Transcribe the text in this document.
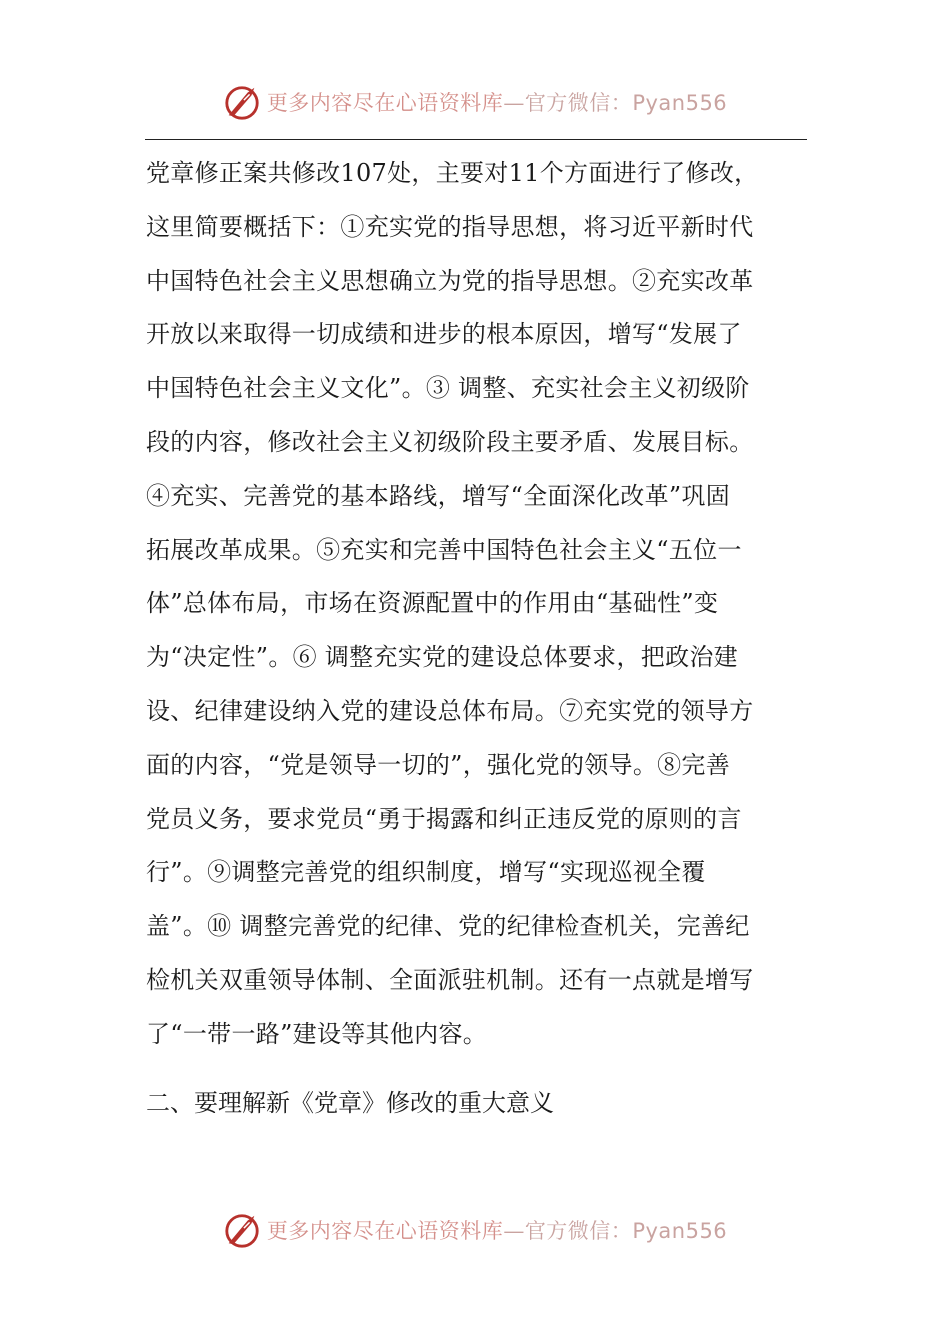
更多内容尽在心语资料库—官方微信：Pyan556
党章修正案共修改107处，主要对11个方面进行了修改，
这里简要概括下：①充实党的指导思想，将习近平新时代
中国特色社会主义思想确立为党的指导思想。②充实改革
开放以来取得一切成绩和进步的根本原因，增写“发展了
中国特色社会主义文化”。③ 调整、充实社会主义初级阶
段的内容，修改社会主义初级阶段主要矛盾、发展目标。
④充实、完善党的基本路线，增写“全面深化改革”巩固
拓展改革成果。⑤充实和完善中国特色社会主义“五位一
体”总体布局，市场在资源配置中的作用由“基础性”变
为“决定性”。⑥ 调整充实党的建设总体要求，把政治建
设、纪律建设纳入党的建设总体布局。⑦充实党的领导方
面的内容，“党是领导一切的”，强化党的领导。⑧完善
党员义务，要求党员“勇于揭露和纠正违反党的原则的言
行”。⑨调整完善党的组织制度，增写“实现巡视全覆
盖”。⑩ 调整完善党的纪律、党的纪律检查机关，完善纪
检机关双重领导体制、全面派驻机制。还有一点就是增写
了“一带一路”建设等其他内容。
二、要理解新《党章》修改的重大意义
更多内容尽在心语资料库—官方微信：Pyan556
